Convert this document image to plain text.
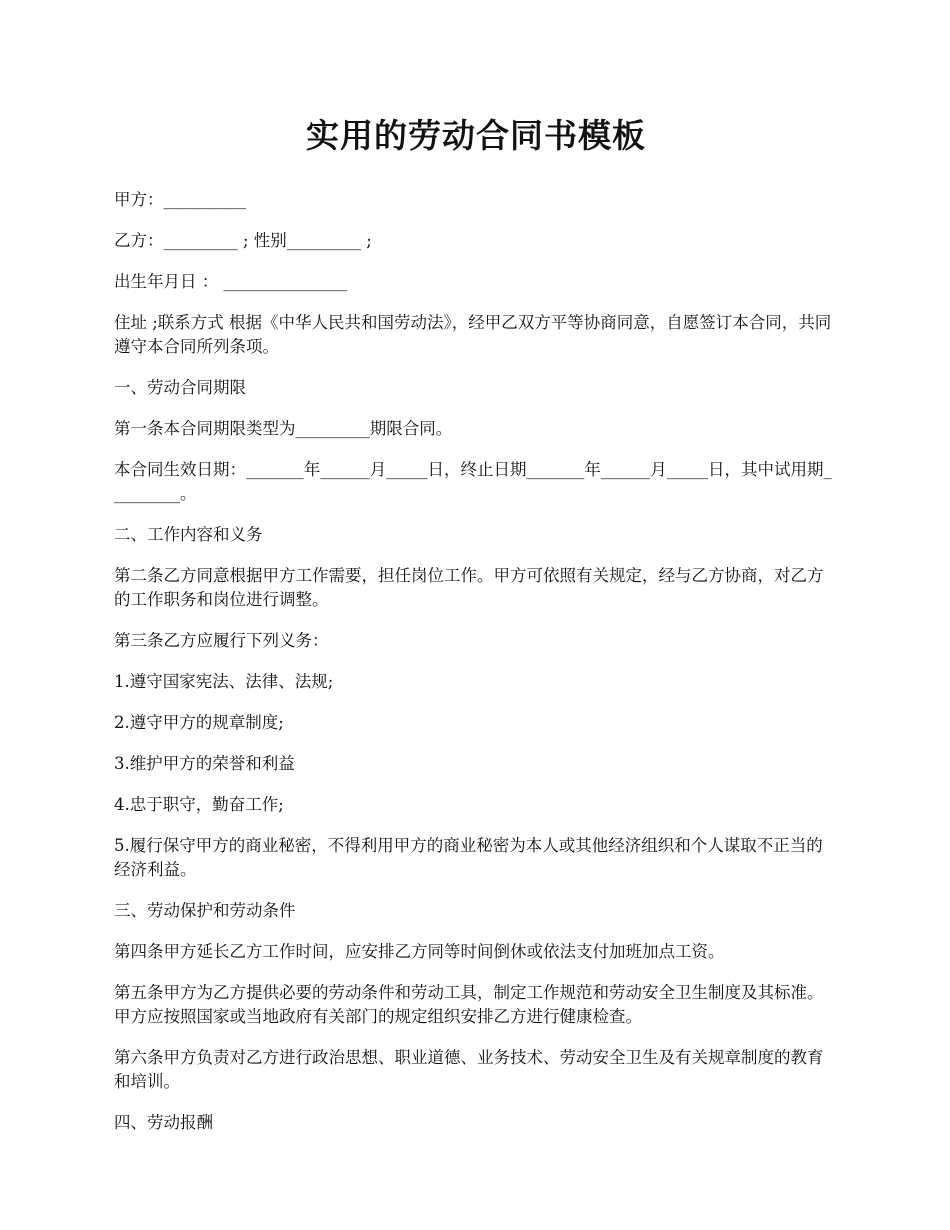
实用的劳动合同书模板

甲方：__________

乙方：_________ ; 性别_________ ;

出生年月日 ： _______________

住址 ;联系方式 根据《中华人民共和国劳动法》，经甲乙双方平等协商同意，自愿签订本合同，共同遵守本合同所列条项。

一、劳动合同期限

第一条本合同期限类型为_________期限合同。

本合同生效日期：_______年______月_____日，终止日期_______年______月_____日，其中试用期_________。

二、工作内容和义务

第二条乙方同意根据甲方工作需要，担任岗位工作。甲方可依照有关规定，经与乙方协商，对乙方的工作职务和岗位进行调整。

第三条乙方应履行下列义务：

1.遵守国家宪法、法律、法规;

2.遵守甲方的规章制度;

3.维护甲方的荣誉和利益

4.忠于职守，勤奋工作;

5.履行保守甲方的商业秘密，不得利用甲方的商业秘密为本人或其他经济组织和个人谋取不正当的经济利益。

三、劳动保护和劳动条件

第四条甲方延长乙方工作时间，应安排乙方同等时间倒休或依法支付加班加点工资。

第五条甲方为乙方提供必要的劳动条件和劳动工具，制定工作规范和劳动安全卫生制度及其标准。 甲方应按照国家或当地政府有关部门的规定组织安排乙方进行健康检查。

第六条甲方负责对乙方进行政治思想、职业道德、业务技术、劳动安全卫生及有关规章制度的教育和培训。

四、劳动报酬
